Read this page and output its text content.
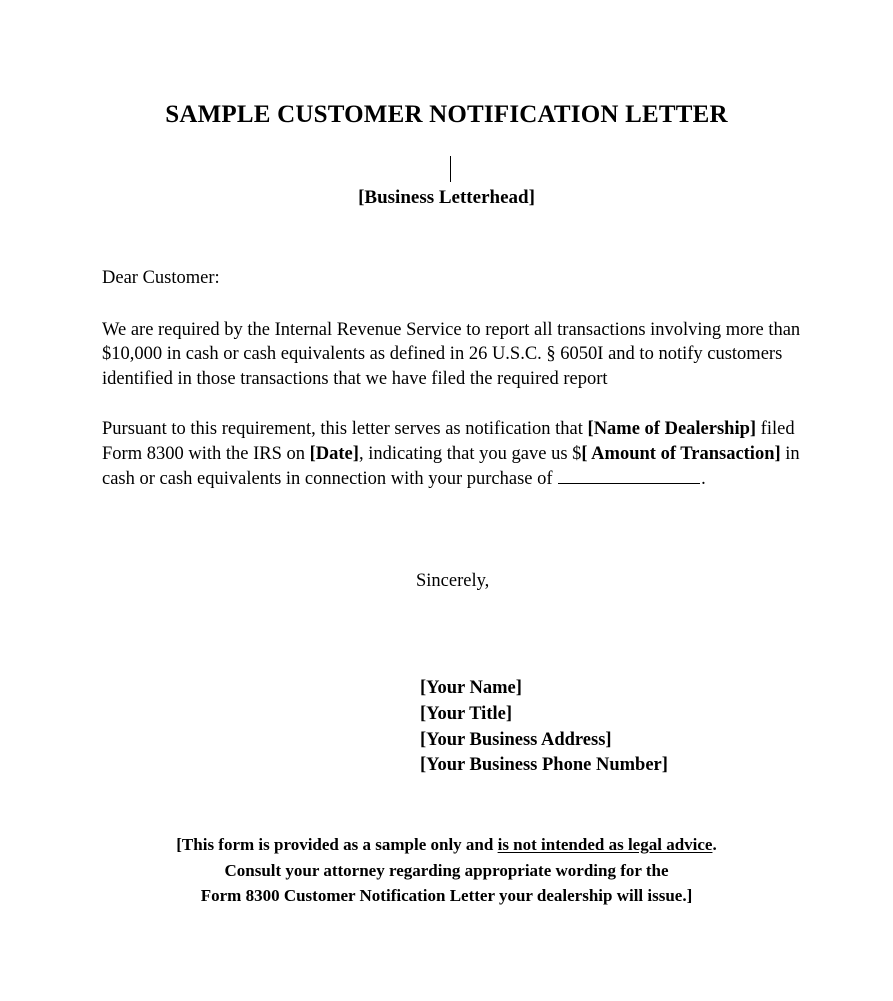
SAMPLE CUSTOMER NOTIFICATION LETTER
[Business Letterhead]

Dear Customer:

We are required by the Internal Revenue Service to report all transactions involving more than $10,000 in cash or cash equivalents as defined in 26 U.S.C. § 6050I and to notify customers identified in those transactions that we have filed the required report

Pursuant to this requirement, this letter serves as notification that [Name of Dealership] filed Form 8300 with the IRS on [Date], indicating that you gave us $[ Amount of Transaction] in cash or cash equivalents in connection with your purchase of	.

Sincerely,
[Your Name]
[Your Title]
[Your Business Address]
[Your Business Phone Number]
[This form is provided as a sample only and is not intended as legal advice.
Consult your attorney regarding appropriate wording for the
Form 8300 Customer Notification Letter your dealership will issue.]
